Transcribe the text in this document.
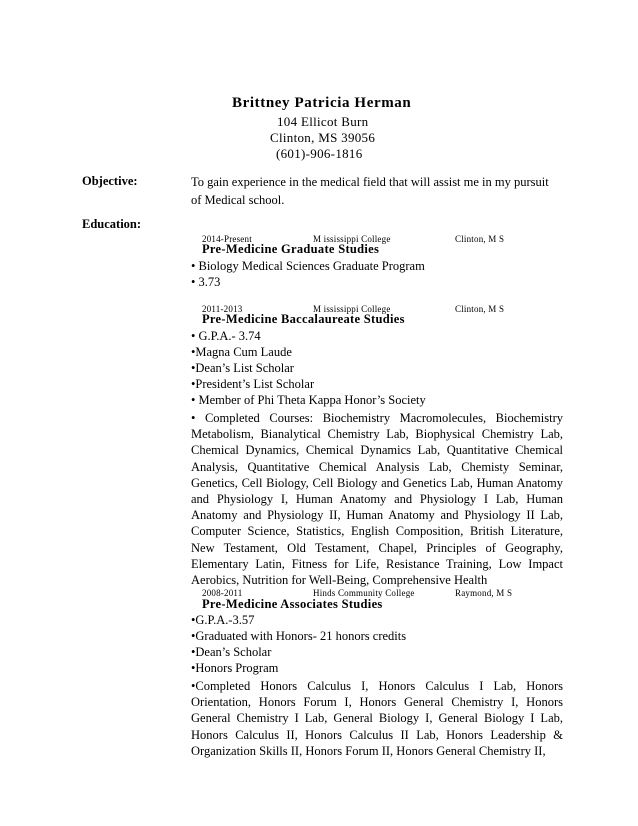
Brittney Patricia Herman
104 Ellicot Burn
Clinton, MS 39056
(601)-906-1816
Objective:	To gain experience in the medical field that will assist me in my pursuit of Medical school.
Education:
2014-Present	M ississippi College	Clinton, M S
Pre-Medicine Graduate Studies
• Biology Medical Sciences Graduate Program
• 3.73
2011-2013	M ississippi College	Clinton, M S
Pre-Medicine Baccalaureate Studies
• G.P.A.- 3.74
•Magna Cum Laude
•Dean’s List Scholar
•President’s List Scholar
• Member of Phi Theta Kappa Honor’s Society
• Completed Courses: Biochemistry Macromolecules, Biochemistry Metabolism, Bianalytical Chemistry Lab, Biophysical Chemistry Lab, Chemical Dynamics, Chemical Dynamics Lab, Quantitative Chemical Analysis, Quantitative Chemical Analysis Lab, Chemisty Seminar, Genetics, Cell Biology, Cell Biology and Genetics Lab, Human Anatomy and Physiology I, Human Anatomy and Physiology I Lab, Human Anatomy and Physiology II, Human Anatomy and Physiology II Lab, Computer Science, Statistics, English Composition, British Literature, New Testament, Old Testament, Chapel, Principles of Geography, Elementary Latin, Fitness for Life, Resistance Training, Low Impact Aerobics, Nutrition for Well-Being, Comprehensive Health
2008-2011	Hinds Community College	Raymond, M S
Pre-Medicine Associates Studies
•G.P.A.-3.57
•Graduated with Honors- 21 honors credits
•Dean’s Scholar
•Honors Program
•Completed Honors Calculus I, Honors Calculus I Lab, Honors Orientation, Honors Forum I, Honors General Chemistry I, Honors General Chemistry I Lab, General Biology I, General Biology I Lab, Honors Calculus II, Honors Calculus II Lab, Honors Leadership & Organization Skills II, Honors Forum II, Honors General Chemistry II,
